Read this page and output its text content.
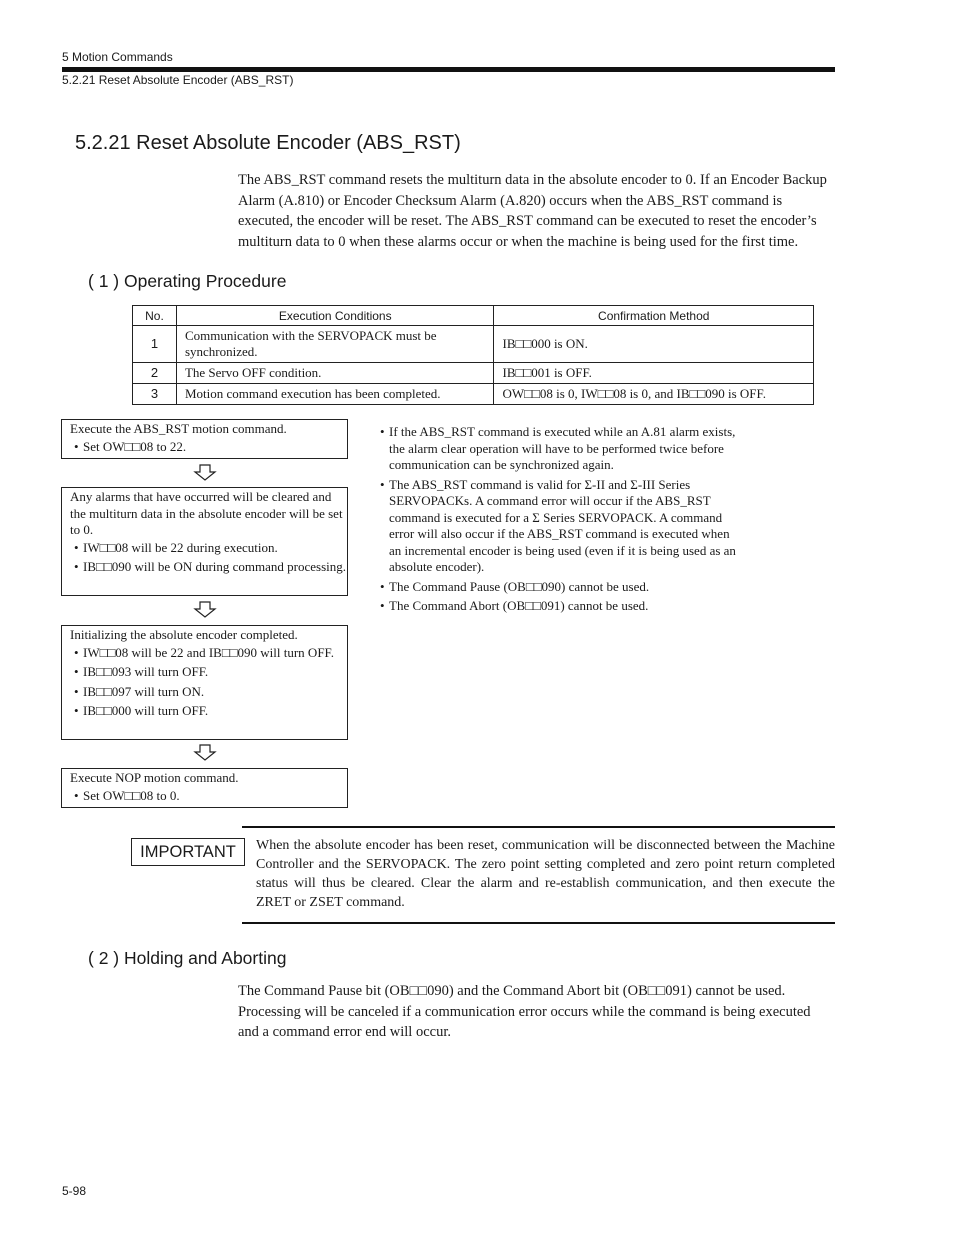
5 Motion Commands
5.2.21 Reset Absolute Encoder (ABS_RST)
5.2.21 Reset Absolute Encoder (ABS_RST)
The ABS_RST command resets the multiturn data in the absolute encoder to 0. If an Encoder Backup Alarm (A.810) or Encoder Checksum Alarm (A.820) occurs when the ABS_RST command is executed, the encoder will be reset. The ABS_RST command can be executed to reset the encoder’s multiturn data to 0 when these alarms occur or when the machine is being used for the first time.
( 1 ) Operating Procedure
No.	Execution Conditions	Confirmation Method
1	Communication with the SERVOPACK must be synchronized.	IB□□000 is ON.
2	The Servo OFF condition.	IB□□001 is OFF.
3	Motion command execution has been completed.	OW□□08 is 0, IW□□08 is 0, and IB□□090 is OFF.
Execute the ABS_RST motion command.
• Set OW□□08 to 22.
Any alarms that have occurred will be cleared and the multiturn data in the absolute encoder will be set to 0.
• IW□□08 will be 22 during execution.
• IB□□090 will be ON during command processing.
Initializing the absolute encoder completed.
• IW□□08 will be 22 and IB□□090 will turn OFF.
• IB□□093 will turn OFF.
• IB□□097 will turn ON.
• IB□□000 will turn OFF.
Execute NOP motion command.
• Set OW□□08 to 0.
• If the ABS_RST command is executed while an A.81 alarm exists, the alarm clear operation will have to be performed twice before communication can be synchronized again.
• The ABS_RST command is valid for Σ-II and Σ-III Series SERVOPACKs. A command error will occur if the ABS_RST command is executed for a Σ Series SERVOPACK. A command error will also occur if the ABS_RST command is executed when an incremental encoder is being used (even if it is being used as an absolute encoder).
• The Command Pause (OB□□090) cannot be used.
• The Command Abort (OB□□091) cannot be used.
IMPORTANT	When the absolute encoder has been reset, communication will be disconnected between the Machine Controller and the SERVOPACK. The zero point setting completed and zero point return completed status will thus be cleared. Clear the alarm and re-establish communication, and then execute the ZRET or ZSET command.
( 2 ) Holding and Aborting
The Command Pause bit (OB□□090) and the Command Abort bit (OB□□091) cannot be used. Processing will be canceled if a communication error occurs while the command is being executed and a command error end will occur.
5-98
